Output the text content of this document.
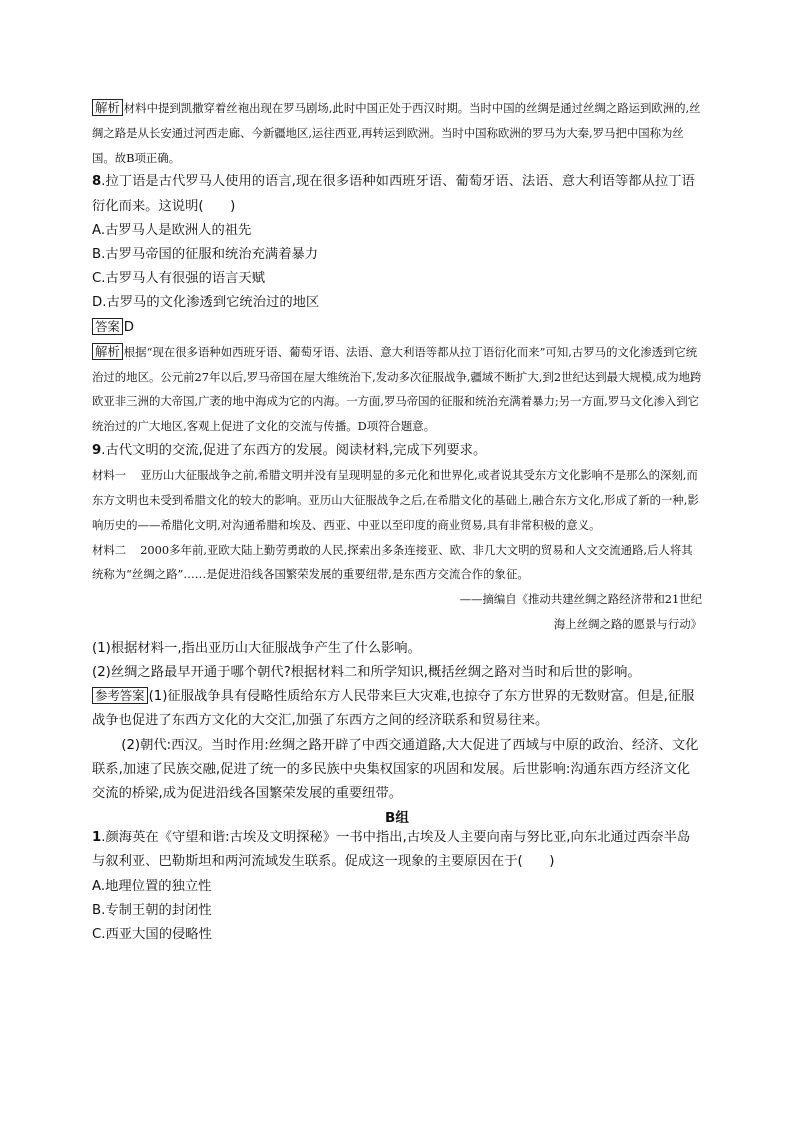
解析 材料中提到凯撒穿着丝袍出现在罗马剧场,此时中国正处于西汉时期。当时中国的丝绸是通过丝绸之路运到欧洲的,丝绸之路是从长安通过河西走廊、今新疆地区,运往西亚,再转运到欧洲。当时中国称欧洲的罗马为大秦,罗马把中国称为丝国。故B项正确。

8.拉丁语是古代罗马人使用的语言,现在很多语种如西班牙语、葡萄牙语、法语、意大利语等都从拉丁语衍化而来。这说明(　　)

A.古罗马人是欧洲人的祖先
B.古罗马帝国的征服和统治充满着暴力
C.古罗马人有很强的语言天赋
D.古罗马的文化渗透到它统治过的地区

答案 D

解析 根据“现在很多语种如西班牙语、葡萄牙语、法语、意大利语等都从拉丁语衍化而来”可知,古罗马的文化渗透到它统治过的地区。公元前27年以后,罗马帝国在屋大维统治下,发动多次征服战争,疆域不断扩大,到2世纪达到最大规模,成为地跨欧亚非三洲的大帝国,广袤的地中海成为它的内海。一方面,罗马帝国的征服和统治充满着暴力;另一方面,罗马文化渗入到它统治过的广大地区,客观上促进了文化的交流与传播。D项符合题意。

9.古代文明的交流,促进了东西方的发展。阅读材料,完成下列要求。

材料一 亚历山大征服战争之前,希腊文明并没有呈现明显的多元化和世界化,或者说其受东方文化影响不是那么的深刻,而东方文明也未受到希腊文化的较大的影响。亚历山大征服战争之后,在希腊文化的基础上,融合东方文化,形成了新的一种,影响历史的——希腊化文明,对沟通希腊和埃及、西亚、中亚以至印度的商业贸易,具有非常积极的意义。

材料二 2000多年前,亚欧大陆上勤劳勇敢的人民,探索出多条连接亚、欧、非几大文明的贸易和人文交流通路,后人将其统称为“丝绸之路”……是促进沿线各国繁荣发展的重要纽带,是东西方交流合作的象征。

——摘编自《推动共建丝绸之路经济带和21世纪

海上丝绸之路的愿景与行动》

(1)根据材料一,指出亚历山大征服战争产生了什么影响。

(2)丝绸之路最早开通于哪个朝代?根据材料二和所学知识,概括丝绸之路对当时和后世的影响。

参考答案 (1)征服战争具有侵略性质给东方人民带来巨大灾难,也掠夺了东方世界的无数财富。但是,征服战争也促进了东西方文化的大交汇,加强了东西方之间的经济联系和贸易往来。

(2)朝代:西汉。当时作用:丝绸之路开辟了中西交通道路,大大促进了西域与中原的政治、经济、文化联系,加速了民族交融,促进了统一的多民族中央集权国家的巩固和发展。后世影响:沟通东西方经济文化交流的桥梁,成为促进沿线各国繁荣发展的重要纽带。

B组

1.颜海英在《守望和谐:古埃及文明探秘》一书中指出,古埃及人主要向南与努比亚,向东北通过西奈半岛与叙利亚、巴勒斯坦和两河流域发生联系。促成这一现象的主要原因在于(　　)

A.地理位置的独立性
B.专制王朝的封闭性
C.西亚大国的侵略性
